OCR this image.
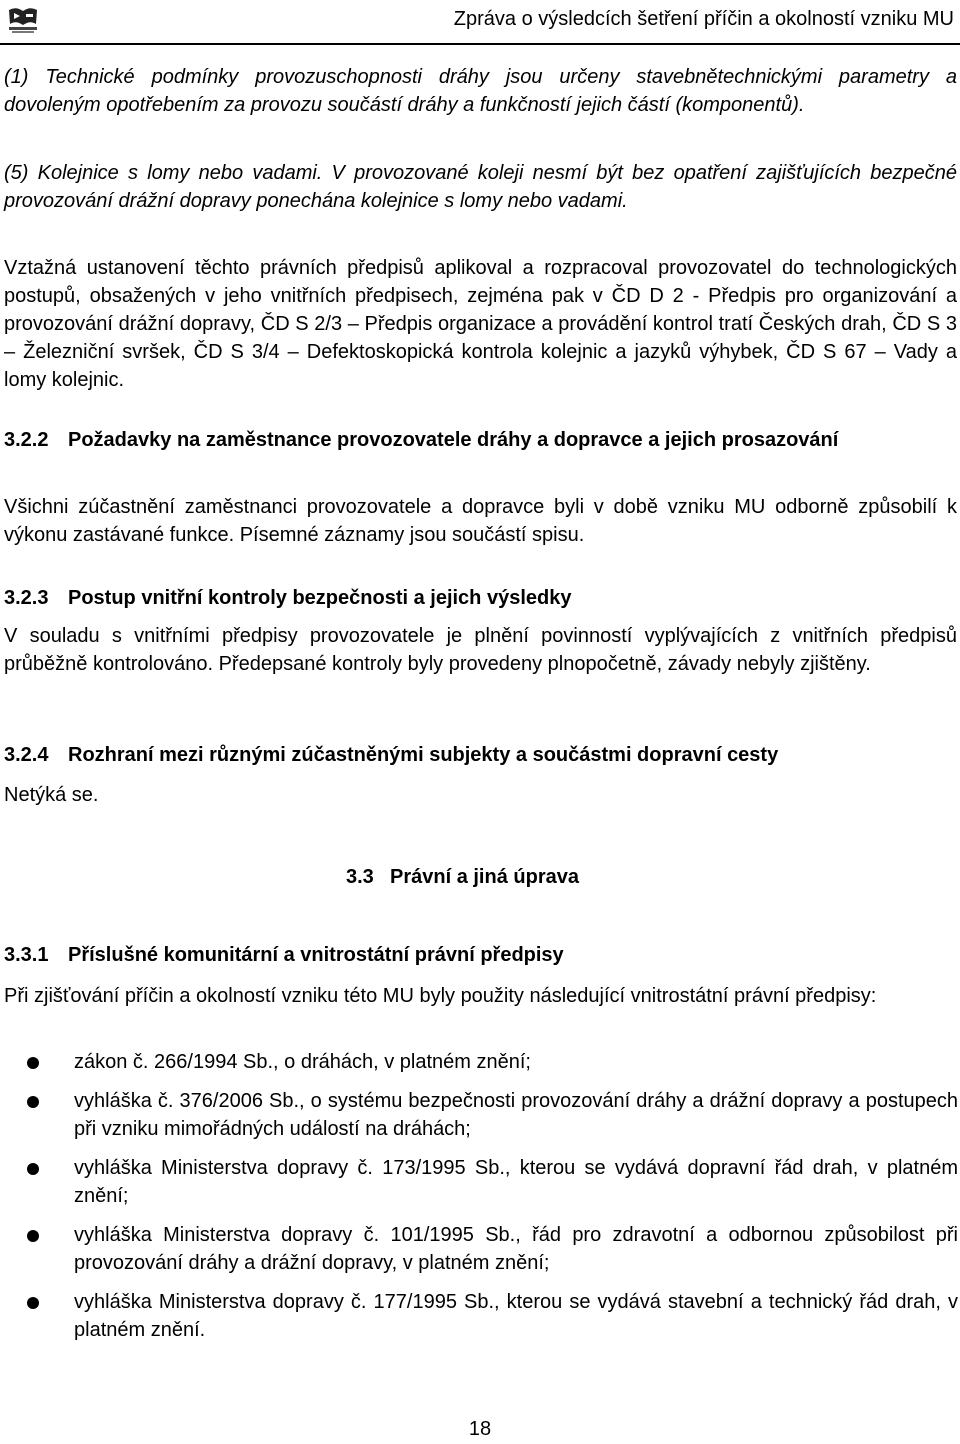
Zpráva o výsledcích šetření příčin a okolností vzniku MU
(1) Technické podmínky provozuschopnosti dráhy jsou určeny stavebnětechnickými parametry a dovoleným opotřebením za provozu součástí dráhy a funkčností jejich částí (komponentů).
(5) Kolejnice s lomy nebo vadami. V provozované koleji nesmí být bez opatření zajišťujících bezpečné provozování drážní dopravy ponechána kolejnice s lomy nebo vadami.
Vztažná ustanovení těchto právních předpisů aplikoval a rozpracoval provozovatel do technologických postupů, obsažených v jeho vnitřních předpisech, zejména pak v ČD D 2 - Předpis pro organizování a provozování drážní dopravy, ČD S 2/3 – Předpis organizace a provádění kontrol tratí Českých drah, ČD S 3 – Železniční svršek, ČD S 3/4 – Defektoskopická kontrola kolejnic a jazyků výhybek, ČD S 67 – Vady a lomy kolejnic.
3.2.2 Požadavky na zaměstnance provozovatele dráhy a dopravce a jejich prosazování
Všichni zúčastnění zaměstnanci provozovatele a dopravce byli v době vzniku MU odborně způsobilí k výkonu zastávané funkce. Písemné záznamy jsou součástí spisu.
3.2.3 Postup vnitřní kontroly bezpečnosti a jejich výsledky
V souladu s vnitřními předpisy provozovatele je plnění povinností vyplývajících z vnitřních předpisů průběžně kontrolováno. Předepsané kontroly byly provedeny plnopočetně, závady nebyly zjištěny.
3.2.4 Rozhraní mezi různými zúčastněnými subjekty a součástmi dopravní cesty
Netýká se.
3.3 Právní a jiná úprava
3.3.1 Příslušné komunitární a vnitrostátní právní předpisy
Při zjišťování příčin a okolností vzniku této MU byly použity následující vnitrostátní právní předpisy:
zákon č. 266/1994 Sb., o dráhách, v platném znění;
vyhláška č. 376/2006 Sb., o systému bezpečnosti provozování dráhy a drážní dopravy a postupech při vzniku mimořádných událostí na dráhách;
vyhláška Ministerstva dopravy č. 173/1995 Sb., kterou se vydává dopravní řád drah, v platném znění;
vyhláška Ministerstva dopravy č. 101/1995 Sb., řád pro zdravotní a odbornou způsobilost při provozování dráhy a drážní dopravy, v platném znění;
vyhláška Ministerstva dopravy č. 177/1995 Sb., kterou se vydává stavební a technický řád drah, v platném znění.
18
